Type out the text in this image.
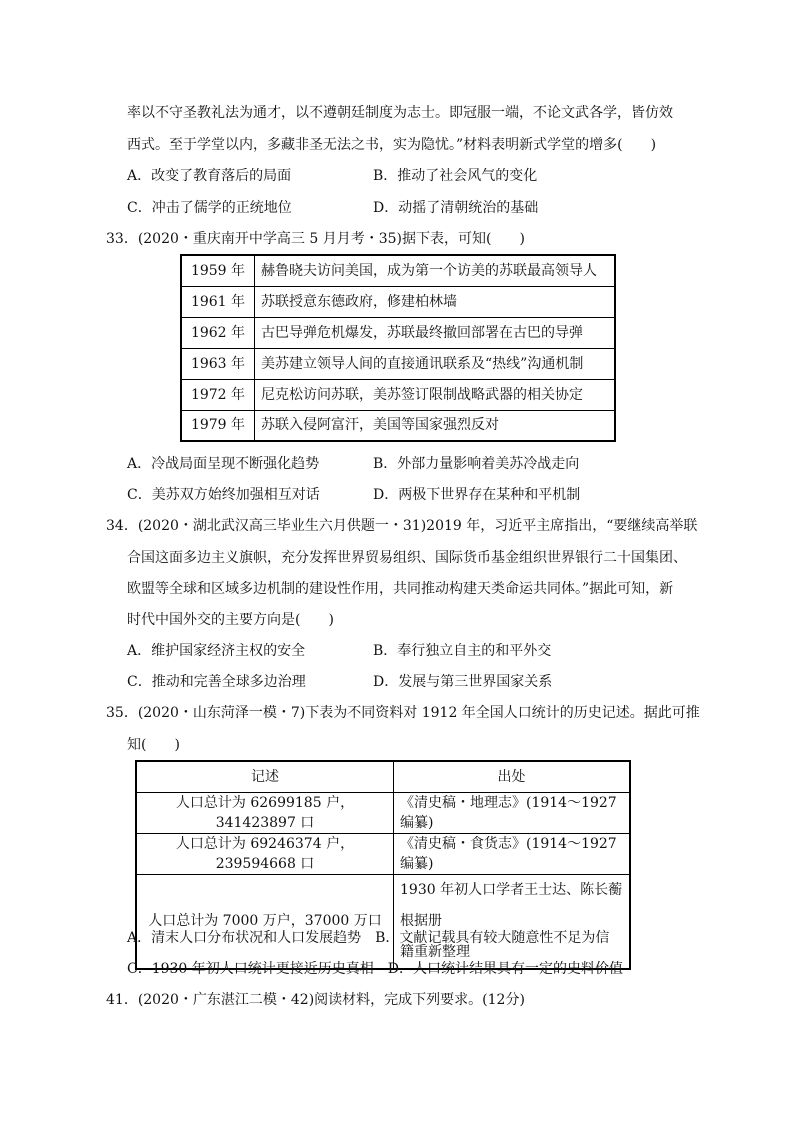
率以不守圣教礼法为通才，以不遵朝廷制度为志士。即冠服一端，不论文武各学，皆仿效
西式。至于学堂以内，多藏非圣无法之书，实为隐忧。”材料表明新式学堂的增多(　　)
A．改变了教育落后的局面	B．推动了社会风气的变化
C．冲击了儒学的正统地位	D．动摇了清朝统治的基础
33．(2020・重庆南开中学高三 5 月月考・35)据下表，可知(　　)
1959 年	赫鲁晓夫访问美国，成为第一个访美的苏联最高领导人
1961 年	苏联授意东德政府，修建柏林墙
1962 年	古巴导弹危机爆发，苏联最终撤回部署在古巴的导弹
1963 年	美苏建立领导人间的直接通讯联系及“热线”沟通机制
1972 年	尼克松访问苏联，美苏签订限制战略武器的相关协定
1979 年	苏联入侵阿富汗，美国等国家强烈反对
A．冷战局面呈现不断强化趋势	B．外部力量影响着美苏冷战走向
C．美苏双方始终加强相互对话	D．两极下世界存在某种和平机制
34．(2020・湖北武汉高三毕业生六月供题一・31)2019 年，习近平主席指出，“要继续高举联
合国这面多边主义旗帜，充分发挥世界贸易组织、国际货币基金组织世界银行二十国集团、
欧盟等全球和区域多边机制的建设性作用，共同推动构建天类命运共同体。”据此可知，新
时代中国外交的主要方向是(　　)
A．维护国家经济主权的安全	B．奉行独立自主的和平外交
C．推动和完善全球多边治理	D．发展与第三世界国家关系
35．(2020・山东菏泽一模・7)下表为不同资料对 1912 年全国人口统计的历史记述。据此可推
知(　　)
记述	出处
人口总计为 62699185 户，341423897 口	《清史稿・地理志》(1914～1927 编纂)
人口总计为 69246374 户，239594668 口	《清史稿・食货志》(1914～1927 编纂)
人口总计为 7000 万户，37000 万口	1930 年初人口学者王士达、陈长蘅根据册
籍重新整理
A．清末人口分布状况和人口发展趋势　B．文献记载具有较大随意性不足为信
C．1930 年初人口统计更接近历史真相　D．人口统计结果具有一定的史料价值
41．(2020・广东湛江二模・42)阅读材料，完成下列要求。(12分)
